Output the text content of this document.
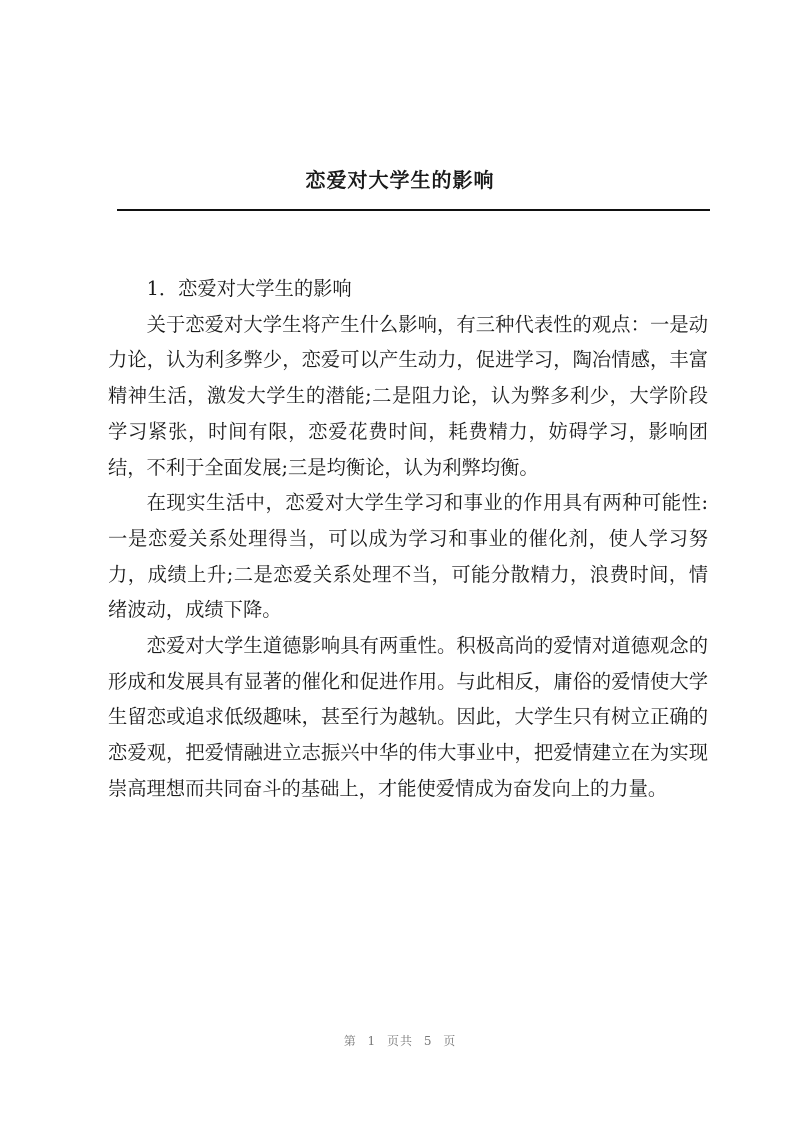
恋爱对大学生的影响

1．恋爱对大学生的影响

关于恋爱对大学生将产生什么影响，有三种代表性的观点：一是动力论，认为利多弊少，恋爱可以产生动力，促进学习，陶冶情感，丰富精神生活，激发大学生的潜能;二是阻力论，认为弊多利少，大学阶段学习紧张，时间有限，恋爱花费时间，耗费精力，妨碍学习，影响团结，不利于全面发展;三是均衡论，认为利弊均衡。

在现实生活中，恋爱对大学生学习和事业的作用具有两种可能性:一是恋爱关系处理得当，可以成为学习和事业的催化剂，使人学习努力，成绩上升;二是恋爱关系处理不当，可能分散精力，浪费时间，情绪波动，成绩下降。

恋爱对大学生道德影响具有两重性。积极高尚的爱情对道德观念的形成和发展具有显著的催化和促进作用。与此相反，庸俗的爱情使大学生留恋或追求低级趣味，甚至行为越轨。因此，大学生只有树立正确的恋爱观，把爱情融进立志振兴中华的伟大事业中，把爱情建立在为实现崇高理想而共同奋斗的基础上，才能使爱情成为奋发向上的力量。

第 1 页共 5 页
